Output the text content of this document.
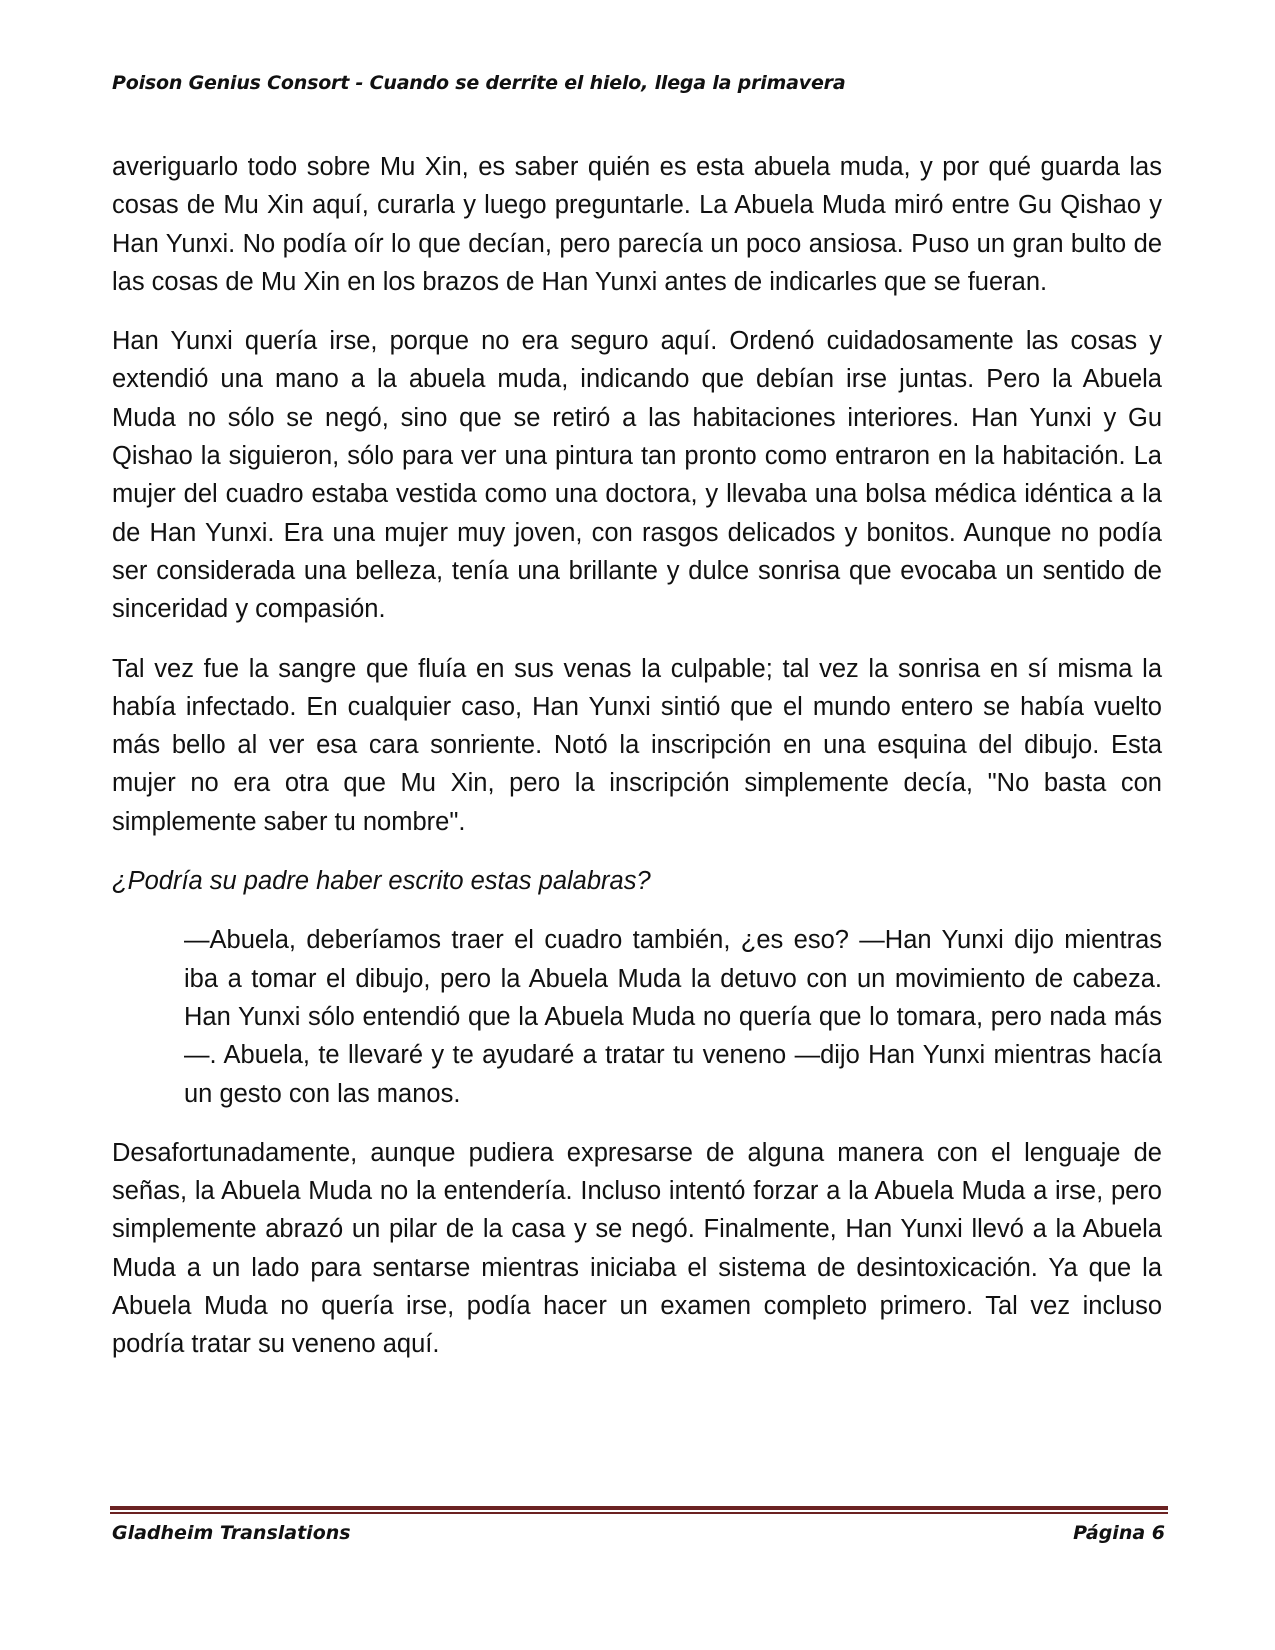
Poison Genius Consort - Cuando se derrite el hielo, llega la primavera

averiguarlo todo sobre Mu Xin, es saber quién es esta abuela muda, y por qué guarda las cosas de Mu Xin aquí, curarla y luego preguntarle. La Abuela Muda miró entre Gu Qishao y Han Yunxi. No podía oír lo que decían, pero parecía un poco ansiosa. Puso un gran bulto de las cosas de Mu Xin en los brazos de Han Yunxi antes de indicarles que se fueran.

Han Yunxi quería irse, porque no era seguro aquí. Ordenó cuidadosamente las cosas y extendió una mano a la abuela muda, indicando que debían irse juntas. Pero la Abuela Muda no sólo se negó, sino que se retiró a las habitaciones interiores. Han Yunxi y Gu Qishao la siguieron, sólo para ver una pintura tan pronto como entraron en la habitación. La mujer del cuadro estaba vestida como una doctora, y llevaba una bolsa médica idéntica a la de Han Yunxi. Era una mujer muy joven, con rasgos delicados y bonitos. Aunque no podía ser considerada una belleza, tenía una brillante y dulce sonrisa que evocaba un sentido de sinceridad y compasión.

Tal vez fue la sangre que fluía en sus venas la culpable; tal vez la sonrisa en sí misma la había infectado. En cualquier caso, Han Yunxi sintió que el mundo entero se había vuelto más bello al ver esa cara sonriente. Notó la inscripción en una esquina del dibujo. Esta mujer no era otra que Mu Xin, pero la inscripción simplemente decía, "No basta con simplemente saber tu nombre".

¿Podría su padre haber escrito estas palabras?

—Abuela, deberíamos traer el cuadro también, ¿es eso? —Han Yunxi dijo mientras iba a tomar el dibujo, pero la Abuela Muda la detuvo con un movimiento de cabeza. Han Yunxi sólo entendió que la Abuela Muda no quería que lo tomara, pero nada más—. Abuela, te llevaré y te ayudaré a tratar tu veneno —dijo Han Yunxi mientras hacía un gesto con las manos.

Desafortunadamente, aunque pudiera expresarse de alguna manera con el lenguaje de señas, la Abuela Muda no la entendería. Incluso intentó forzar a la Abuela Muda a irse, pero simplemente abrazó un pilar de la casa y se negó. Finalmente, Han Yunxi llevó a la Abuela Muda a un lado para sentarse mientras iniciaba el sistema de desintoxicación. Ya que la Abuela Muda no quería irse, podía hacer un examen completo primero. Tal vez incluso podría tratar su veneno aquí.

Gladheim Translations	Página 6
